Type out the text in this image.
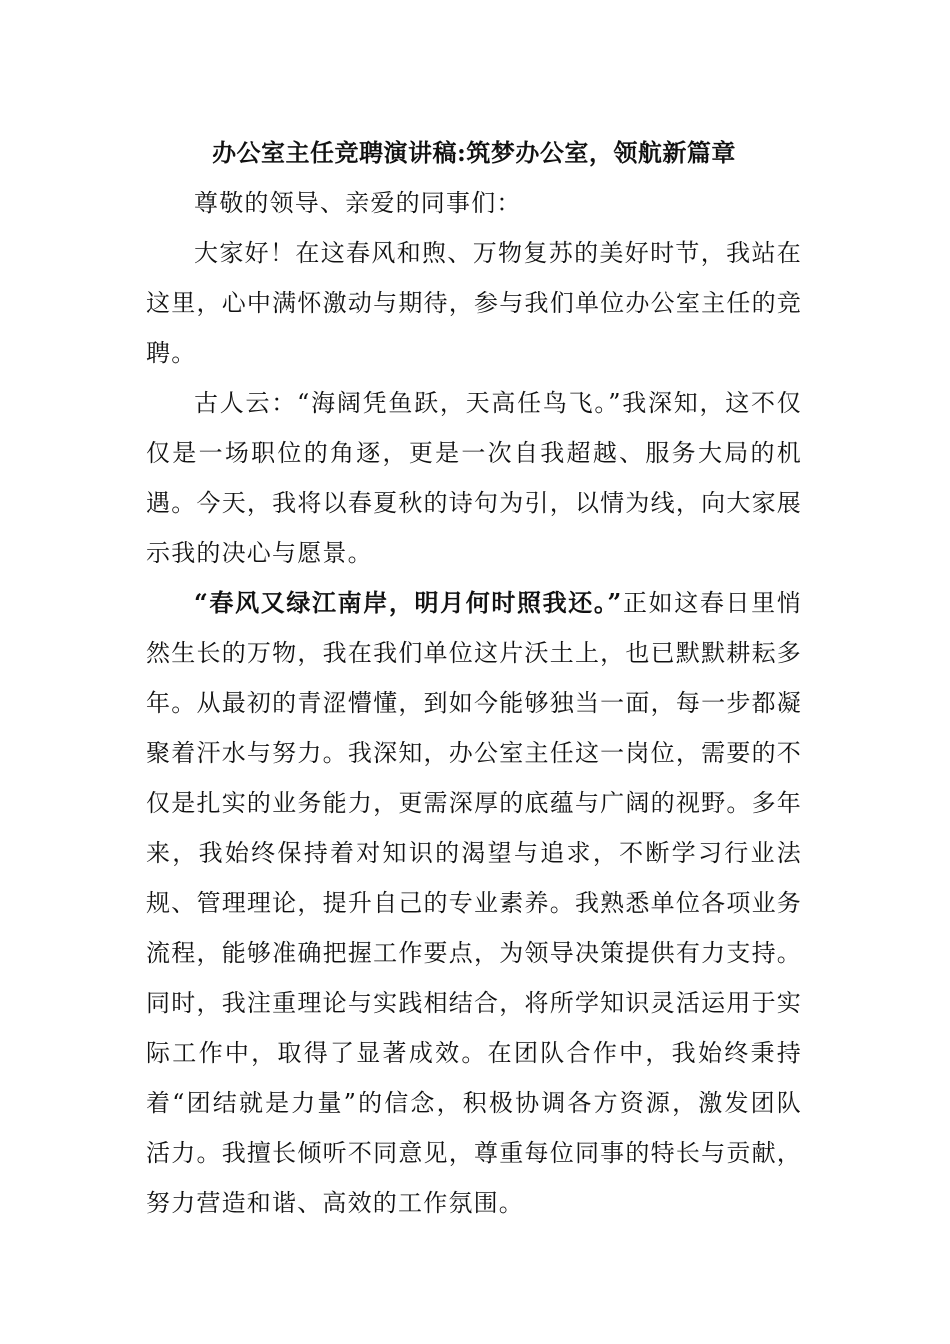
办公室主任竞聘演讲稿:筑梦办公室，领航新篇章

尊敬的领导、亲爱的同事们：

大家好！在这春风和煦、万物复苏的美好时节，我站在这里，心中满怀激动与期待，参与我们单位办公室主任的竞聘。

古人云：“海阔凭鱼跃，天高任鸟飞。”我深知，这不仅仅是一场职位的角逐，更是一次自我超越、服务大局的机遇。今天，我将以春夏秋的诗句为引，以情为线，向大家展示我的决心与愿景。

“春风又绿江南岸，明月何时照我还。”正如这春日里悄然生长的万物，我在我们单位这片沃土上，也已默默耕耘多年。从最初的青涩懵懂，到如今能够独当一面，每一步都凝聚着汗水与努力。我深知，办公室主任这一岗位，需要的不仅是扎实的业务能力，更需深厚的底蕴与广阔的视野。多年来，我始终保持着对知识的渴望与追求，不断学习行业法规、管理理论，提升自己的专业素养。我熟悉单位各项业务流程，能够准确把握工作要点，为领导决策提供有力支持。同时，我注重理论与实践相结合，将所学知识灵活运用于实际工作中，取得了显著成效。在团队合作中，我始终秉持着“团结就是力量”的信念，积极协调各方资源，激发团队活力。我擅长倾听不同意见，尊重每位同事的特长与贡献，努力营造和谐、高效的工作氛围。
